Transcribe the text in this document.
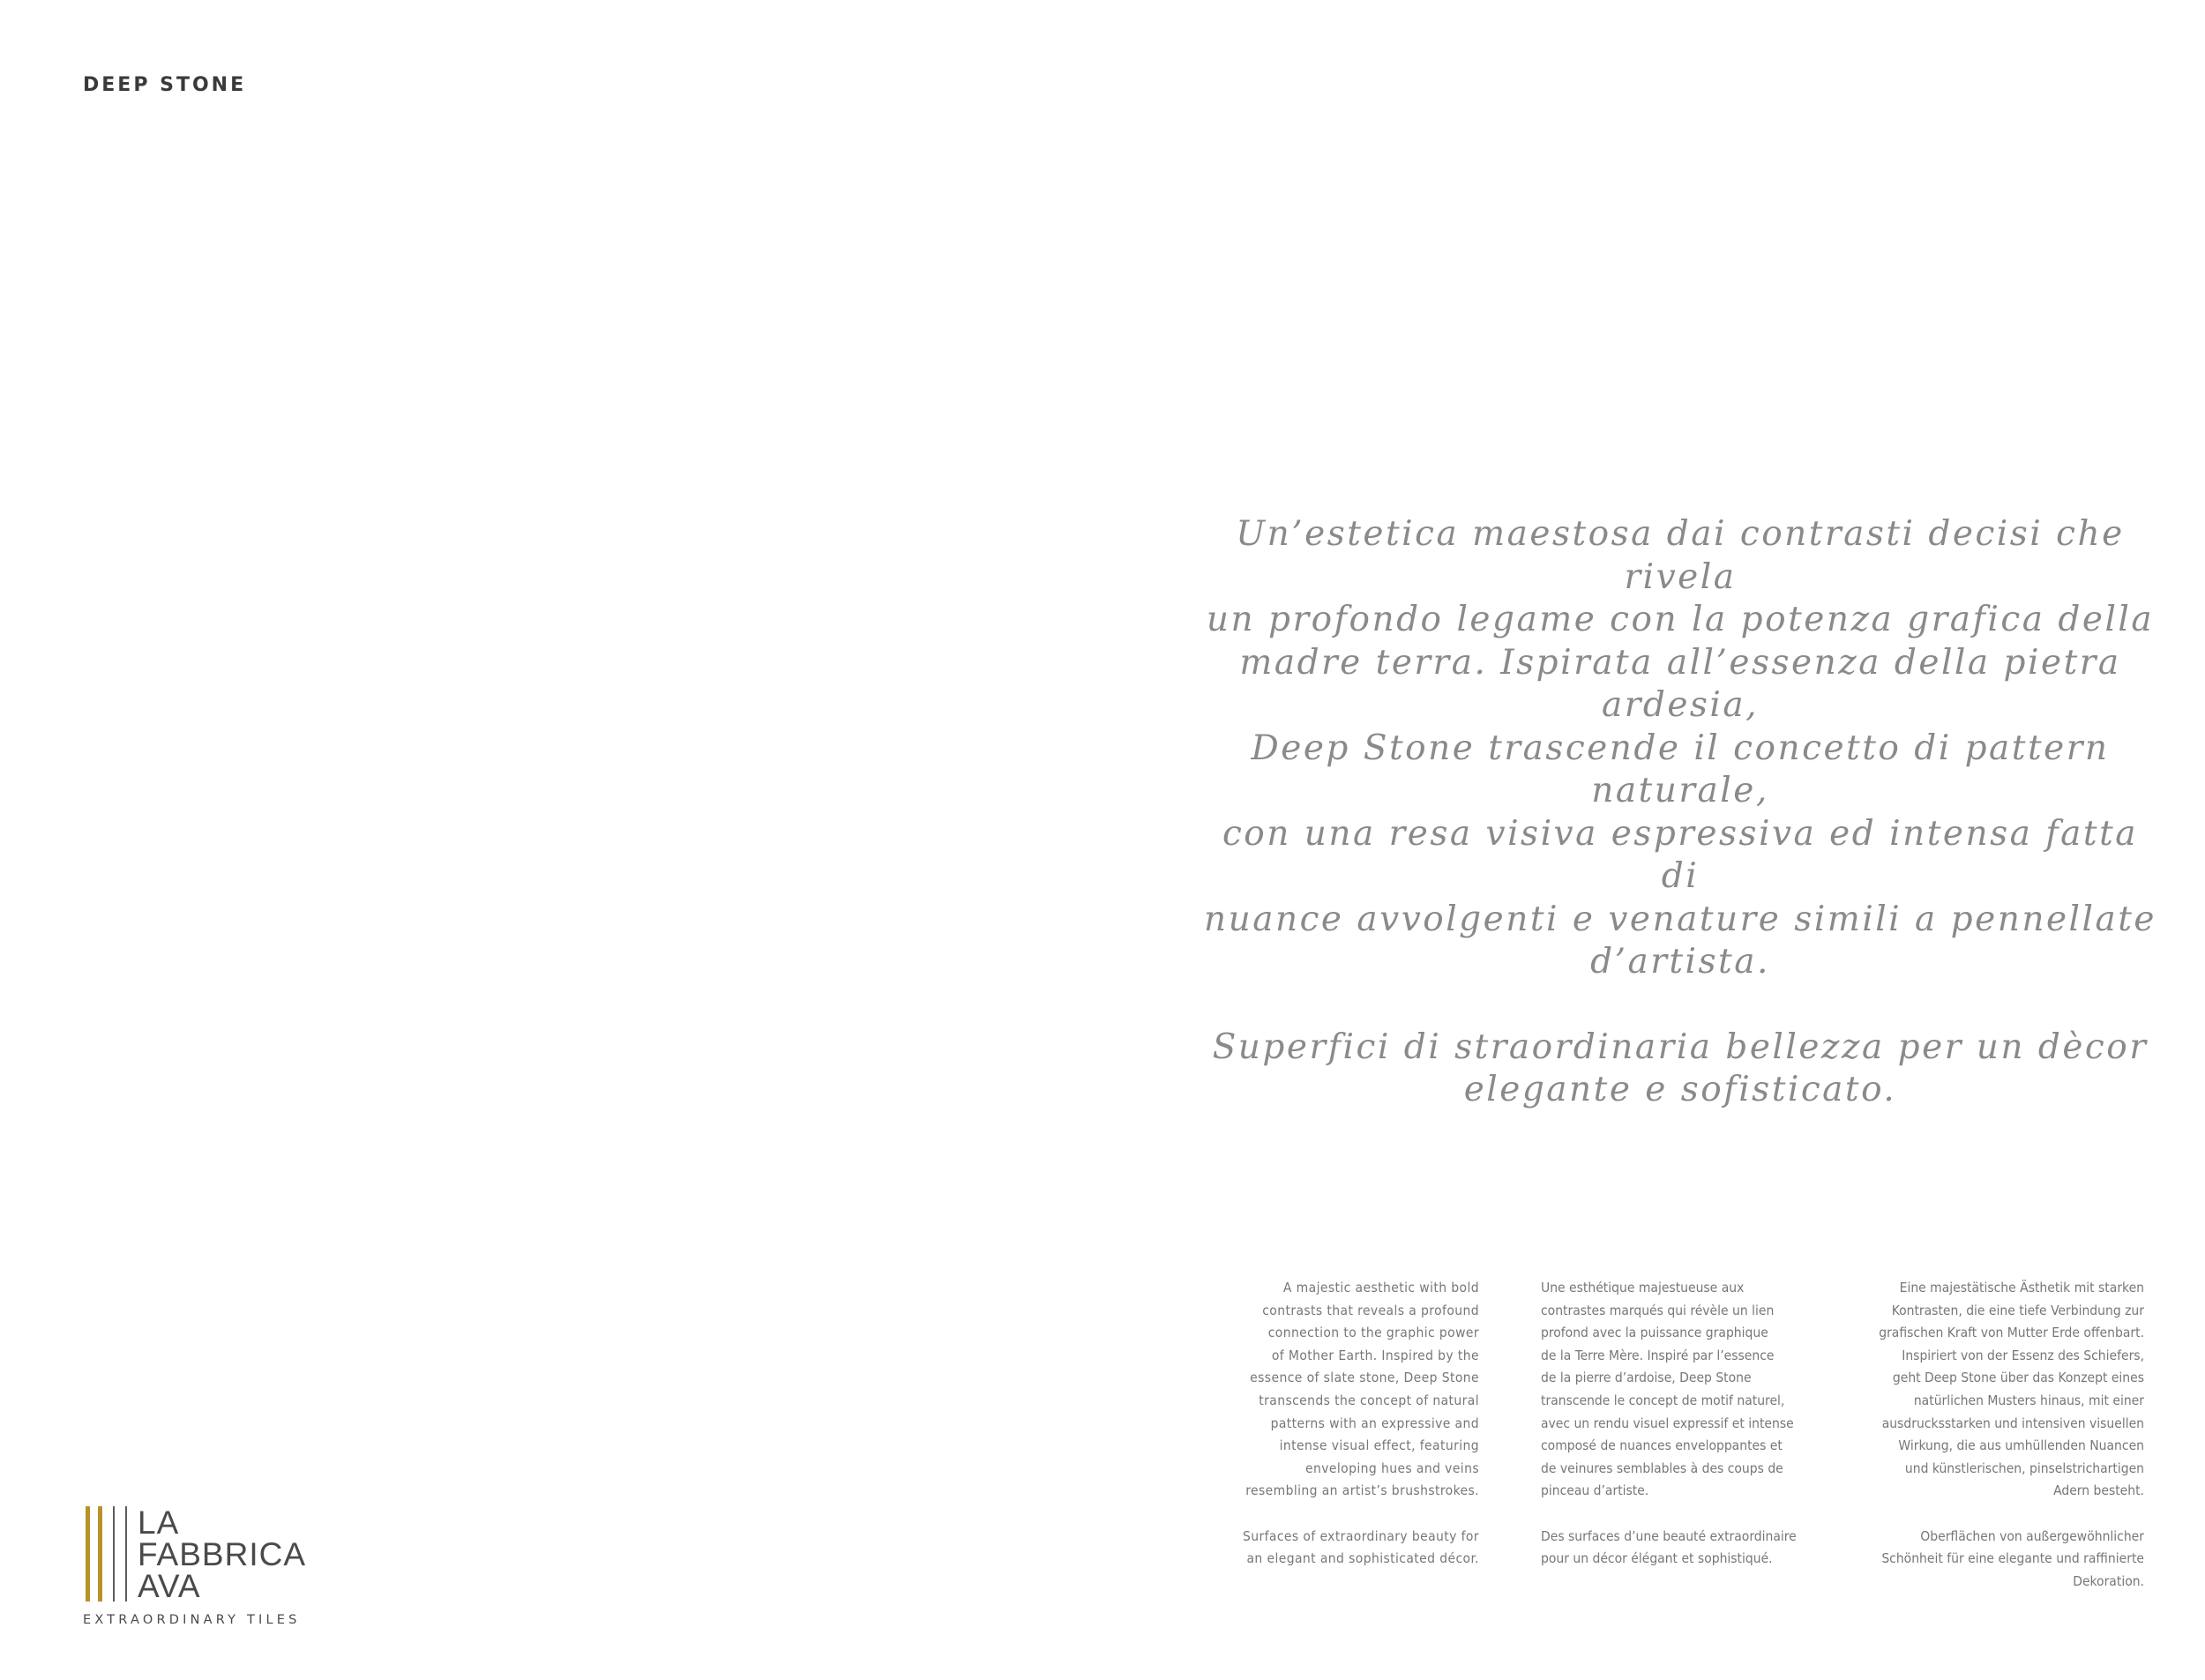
DEEP STONE

Un’estetica maestosa dai contrasti decisi che rivela

un profondo legame con la potenza grafica della

madre terra. Ispirata all’essenza della pietra ardesia,

Deep Stone trascende il concetto di pattern naturale,

con una resa visiva espressiva ed intensa fatta di

nuance avvolgenti e venature simili a pennellate

d’artista.

Superfici di straordinaria bellezza per un dècor

elegante e sofisticato.

A majestic aesthetic with bold

contrasts that reveals a profound

connection to the graphic power

of Mother Earth. Inspired by the

essence of slate stone, Deep Stone

transcends the concept of natural

patterns with an expressive and

intense visual effect, featuring

enveloping hues and veins

resembling an artist’s brushstrokes.

Surfaces of extraordinary beauty for

an elegant and sophisticated décor.

Une esthétique majestueuse aux

contrastes marqués qui révèle un lien

profond avec la puissance graphique

de la Terre Mère. Inspiré par l’essence

de la pierre d’ardoise, Deep Stone

transcende le concept de motif naturel,

avec un rendu visuel expressif et intense

composé de nuances enveloppantes et

de veinures semblables à des coups de

pinceau d’artiste.

Des surfaces d’une beauté extraordinaire

pour un décor élégant et sophistiqué.

Eine majestätische Ästhetik mit starken

Kontrasten, die eine tiefe Verbindung zur

grafischen Kraft von Mutter Erde offenbart.

Inspiriert von der Essenz des Schiefers,

geht Deep Stone über das Konzept eines

natürlichen Musters hinaus, mit einer

ausdrucksstarken und intensiven visuellen

Wirkung, die aus umhüllenden Nuancen

und künstlerischen, pinselstrichartigen

Adern besteht.

Oberflächen von außergewöhnlicher

Schönheit für eine elegante und raffinierte

Dekoration.

LA

FABBRICA

AVA

EXTRAORDINARY TILES
